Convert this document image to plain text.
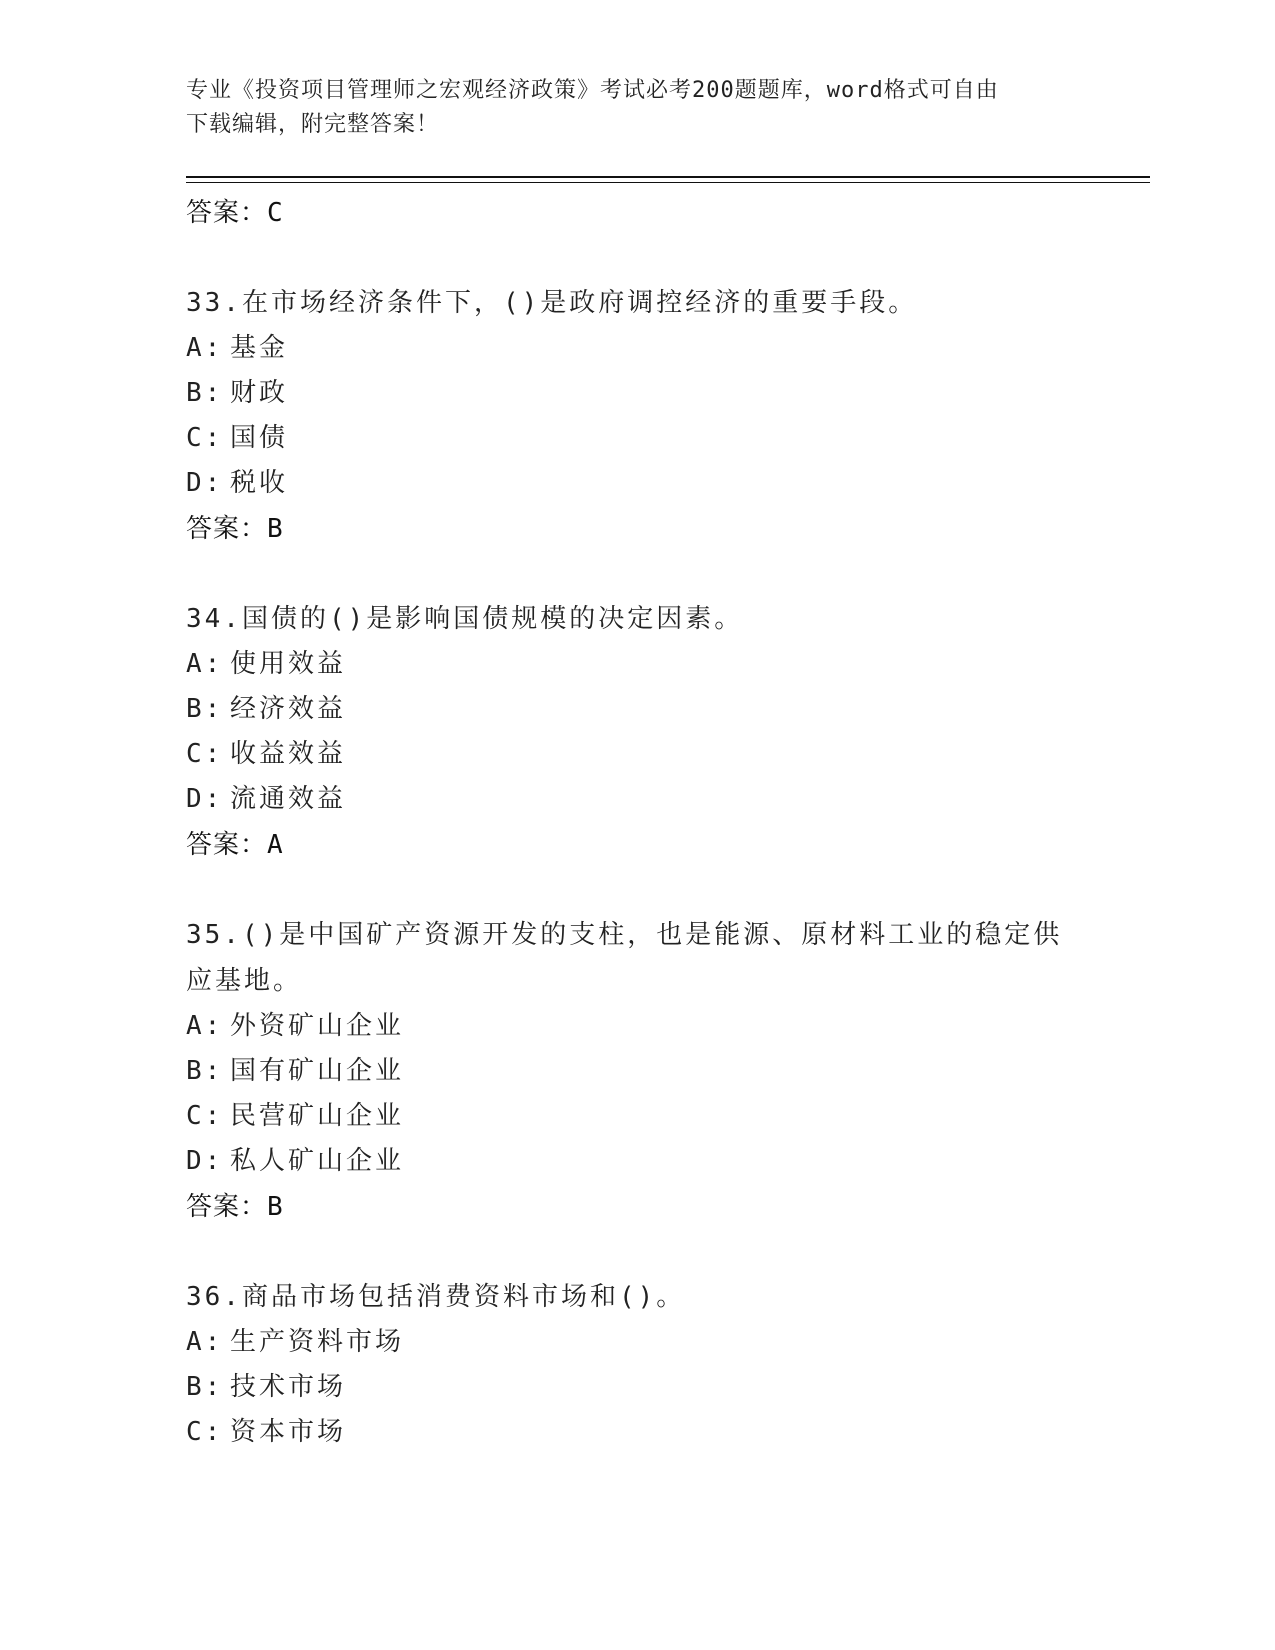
专业《投资项目管理师之宏观经济政策》考试必考200题题库，word格式可自由
下载编辑，附完整答案！
答案：C
33.在市场经济条件下，()是政府调控经济的重要手段。
A: 基金
B: 财政
C: 国债
D: 税收
答案：B
34.国债的()是影响国债规模的决定因素。
A: 使用效益
B: 经济效益
C: 收益效益
D: 流通效益
答案：A
35.()是中国矿产资源开发的支柱，也是能源、原材料工业的稳定供应基地。
A: 外资矿山企业
B: 国有矿山企业
C: 民营矿山企业
D: 私人矿山企业
答案：B
36.商品市场包括消费资料市场和()。
A: 生产资料市场
B: 技术市场
C: 资本市场
